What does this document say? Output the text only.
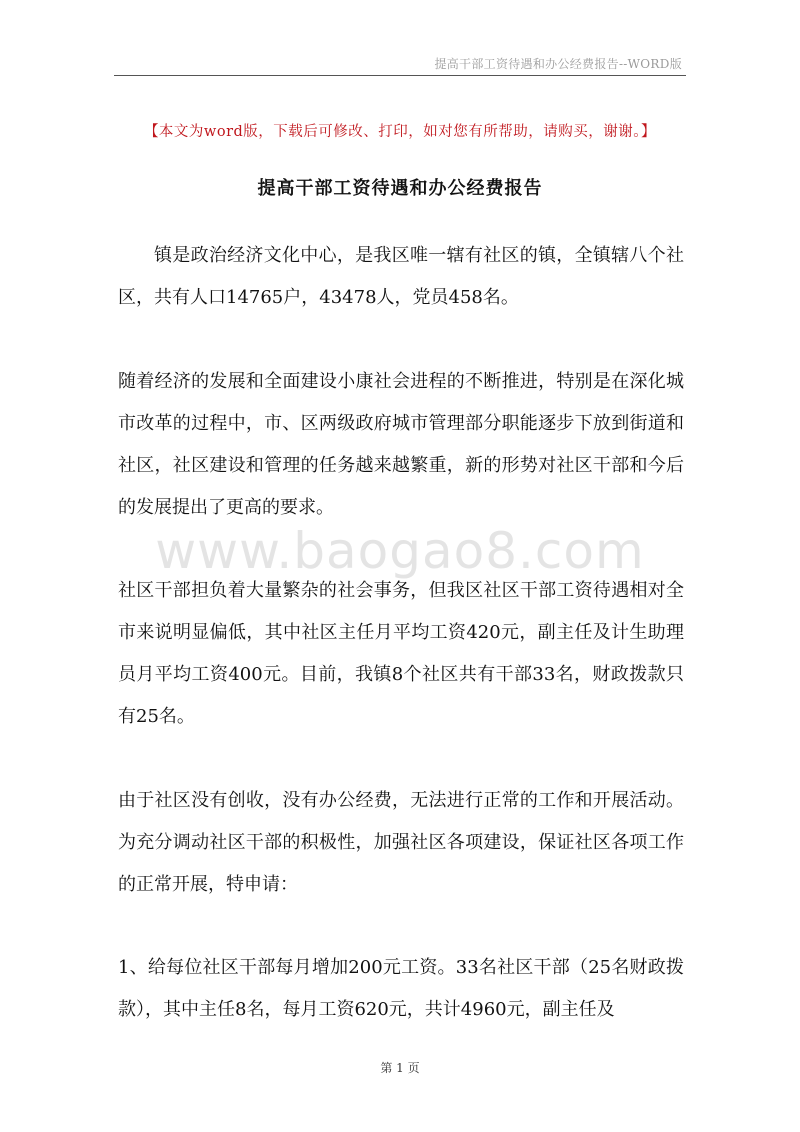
提高干部工资待遇和办公经费报告--WORD版
【本文为word版，下载后可修改、打印，如对您有所帮助，请购买，谢谢。】
提高干部工资待遇和办公经费报告

镇是政治经济文化中心，是我区唯一辖有社区的镇，全镇辖八个社区，共有人口14765户，43478人，党员458名。

随着经济的发展和全面建设小康社会进程的不断推进，特别是在深化城市改革的过程中，市、区两级政府城市管理部分职能逐步下放到街道和社区，社区建设和管理的任务越来越繁重，新的形势对社区干部和今后的发展提出了更高的要求。

社区干部担负着大量繁杂的社会事务，但我区社区干部工资待遇相对全市来说明显偏低，其中社区主任月平均工资420元，副主任及计生助理员月平均工资400元。目前，我镇8个社区共有干部33名，财政拨款只有25名。

由于社区没有创收，没有办公经费，无法进行正常的工作和开展活动。为充分调动社区干部的积极性，加强社区各项建设，保证社区各项工作的正常开展，特申请：

1、给每位社区干部每月增加200元工资。33名社区干部（25名财政拨款），其中主任8名，每月工资620元，共计4960元，副主任及

www.baogao8.com
第 1 页
